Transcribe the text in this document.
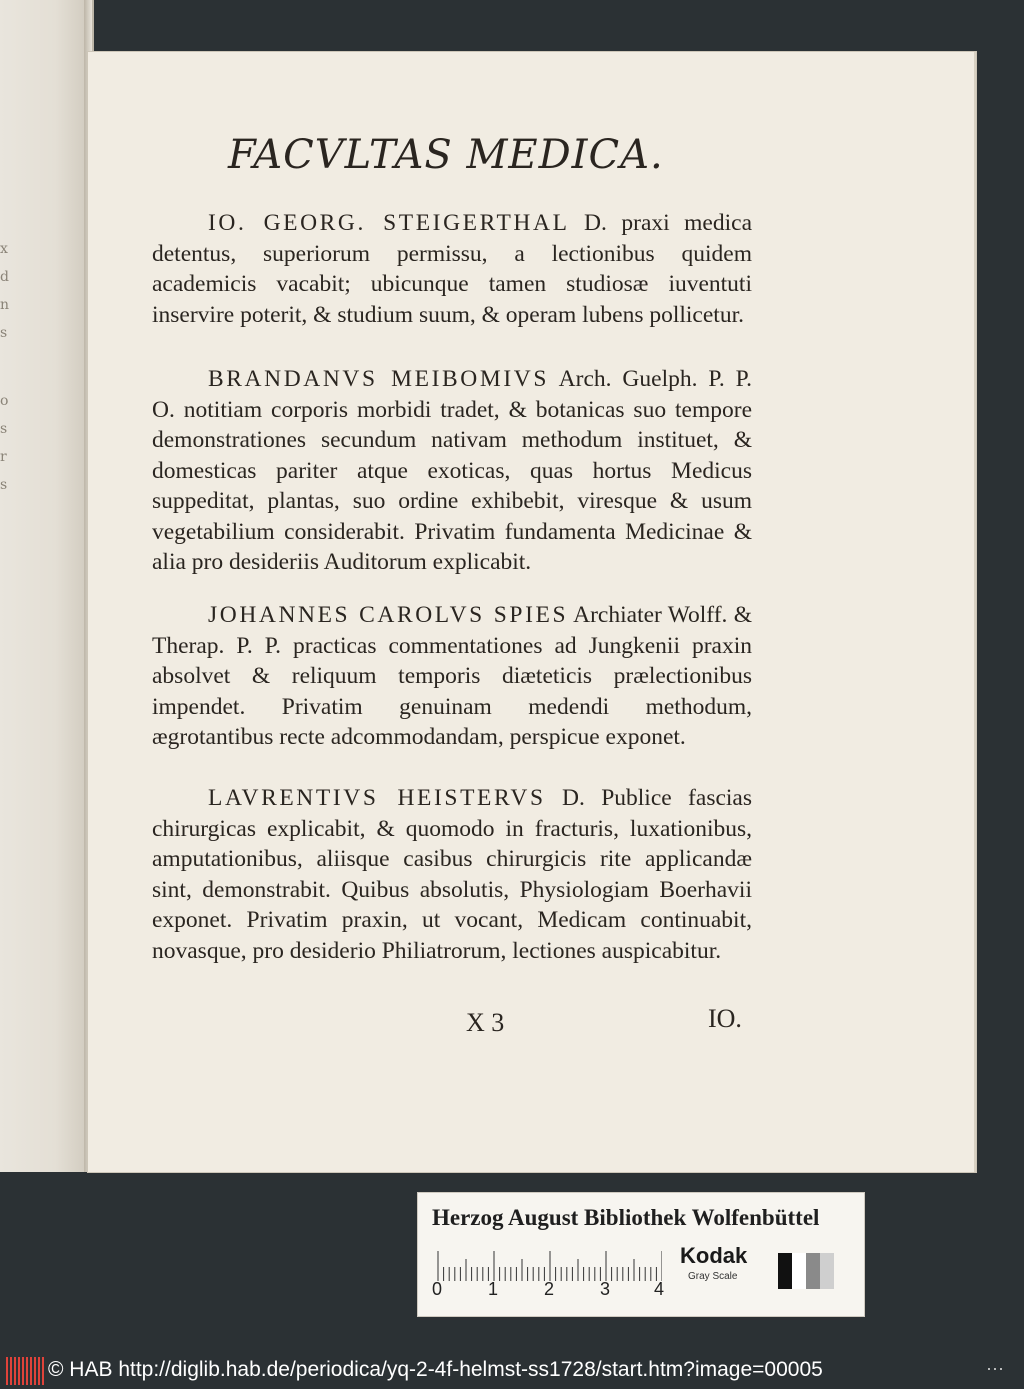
x
d
n
s
o
s
r
s
FACVLTAS MEDICA.
IO. GEORG. STEIGERTHAL D. praxi medica detentus, superiorum permissu, a lectionibus quidem academicis vacabit; ubicunque tamen studiosæ iuventuti inservire poterit, & studium suum, & operam lubens pollicetur.
BRANDANVS MEIBOMIVS Arch. Guelph. P. P. O. notitiam corporis morbidi tradet, & botanicas suo tempore demonstrationes secundum nativam methodum instituet, & domesticas pariter atque exoticas, quas hortus Medicus suppeditat, plantas, suo ordine exhibebit, viresque & usum vegetabilium considerabit. Privatim fundamenta Medicinae & alia pro desideriis Auditorum explicabit.
JOHANNES CAROLVS SPIES Archiater Wolff. & Therap. P. P. practicas commentationes ad Jungkenii praxin absolvet & reliquum temporis diæteticis prælectionibus impendet. Privatim genuinam medendi methodum, ægrotantibus recte adcommodandam, perspicue exponet.
LAVRENTIVS HEISTERVS D. Publice fascias chirurgicas explicabit, & quomodo in fracturis, luxationibus, amputationibus, aliisque casibus chirurgicis rite applicandæ sint, demonstrabit. Quibus absolutis, Physiologiam Boerhavii exponet. Privatim praxin, ut vocant, Medicam continuabit, novasque, pro desiderio Philiatrorum, lectiones auspicabitur.
X 3	IO.
Herzog August Bibliothek Wolfenbüttel
0	1	2	3 4
Kodak
Gray Scale
© HAB http://diglib.hab.de/periodica/yq-2-4f-helmst-ss1728/start.htm?image=00005	···
